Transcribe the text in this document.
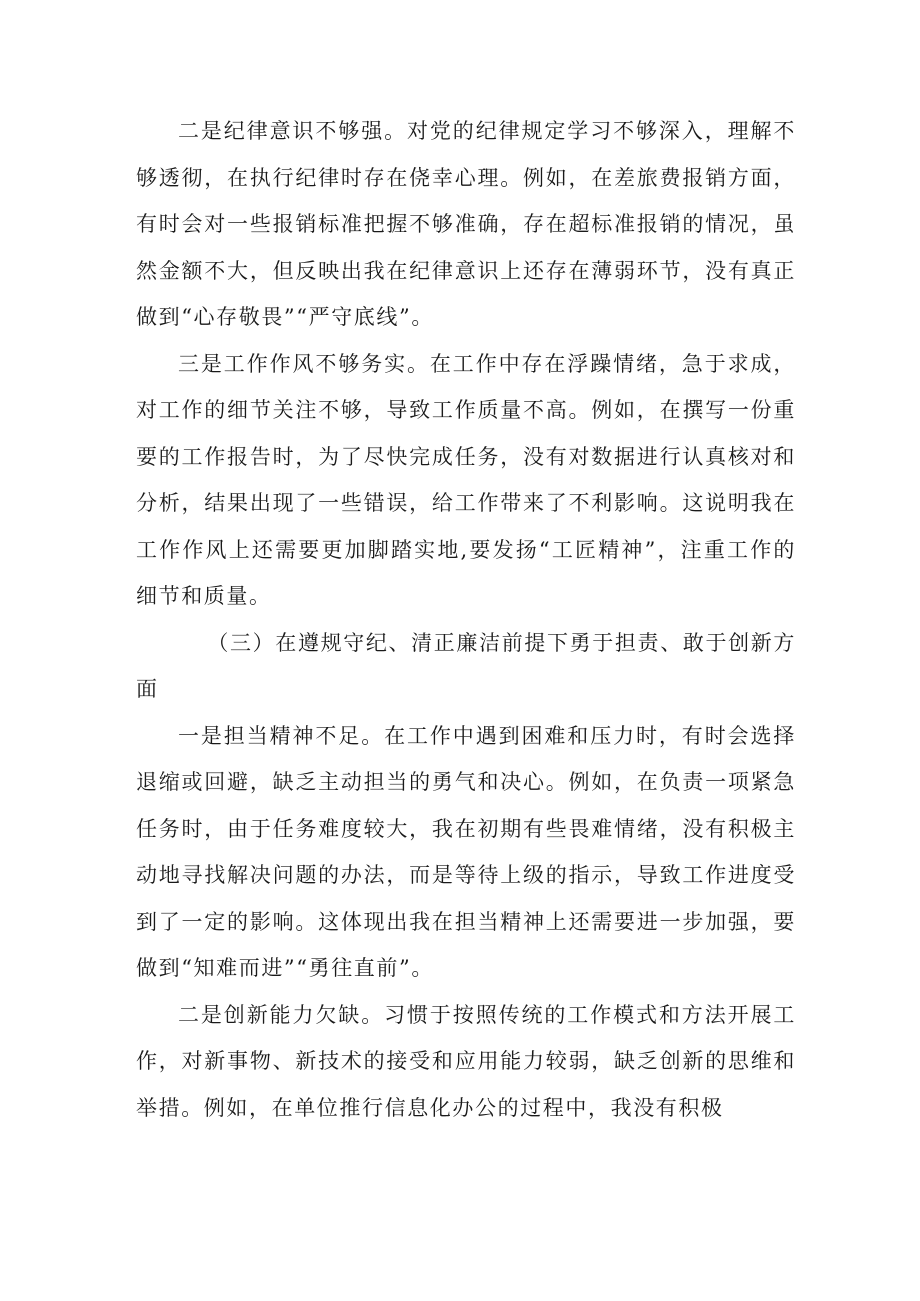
二是纪律意识不够强。对党的纪律规定学习不够深入，理解不够透彻，在执行纪律时存在侥幸心理。例如，在差旅费报销方面，有时会对一些报销标准把握不够准确，存在超标准报销的情况，虽然金额不大，但反映出我在纪律意识上还存在薄弱环节，没有真正做到“心存敬畏”“严守底线”。

三是工作作风不够务实。在工作中存在浮躁情绪，急于求成，对工作的细节关注不够，导致工作质量不高。例如，在撰写一份重要的工作报告时，为了尽快完成任务，没有对数据进行认真核对和分析，结果出现了一些错误，给工作带来了不利影响。这说明我在工作作风上还需要更加脚踏实地,要发扬“工匠精神”，注重工作的细节和质量。

（三）在遵规守纪、清正廉洁前提下勇于担责、敢于创新方面

一是担当精神不足。在工作中遇到困难和压力时，有时会选择退缩或回避，缺乏主动担当的勇气和决心。例如，在负责一项紧急任务时，由于任务难度较大，我在初期有些畏难情绪，没有积极主动地寻找解决问题的办法，而是等待上级的指示，导致工作进度受到了一定的影响。这体现出我在担当精神上还需要进一步加强，要做到“知难而进”“勇往直前”。

二是创新能力欠缺。习惯于按照传统的工作模式和方法开展工作，对新事物、新技术的接受和应用能力较弱，缺乏创新的思维和举措。例如，在单位推行信息化办公的过程中，我没有积极
